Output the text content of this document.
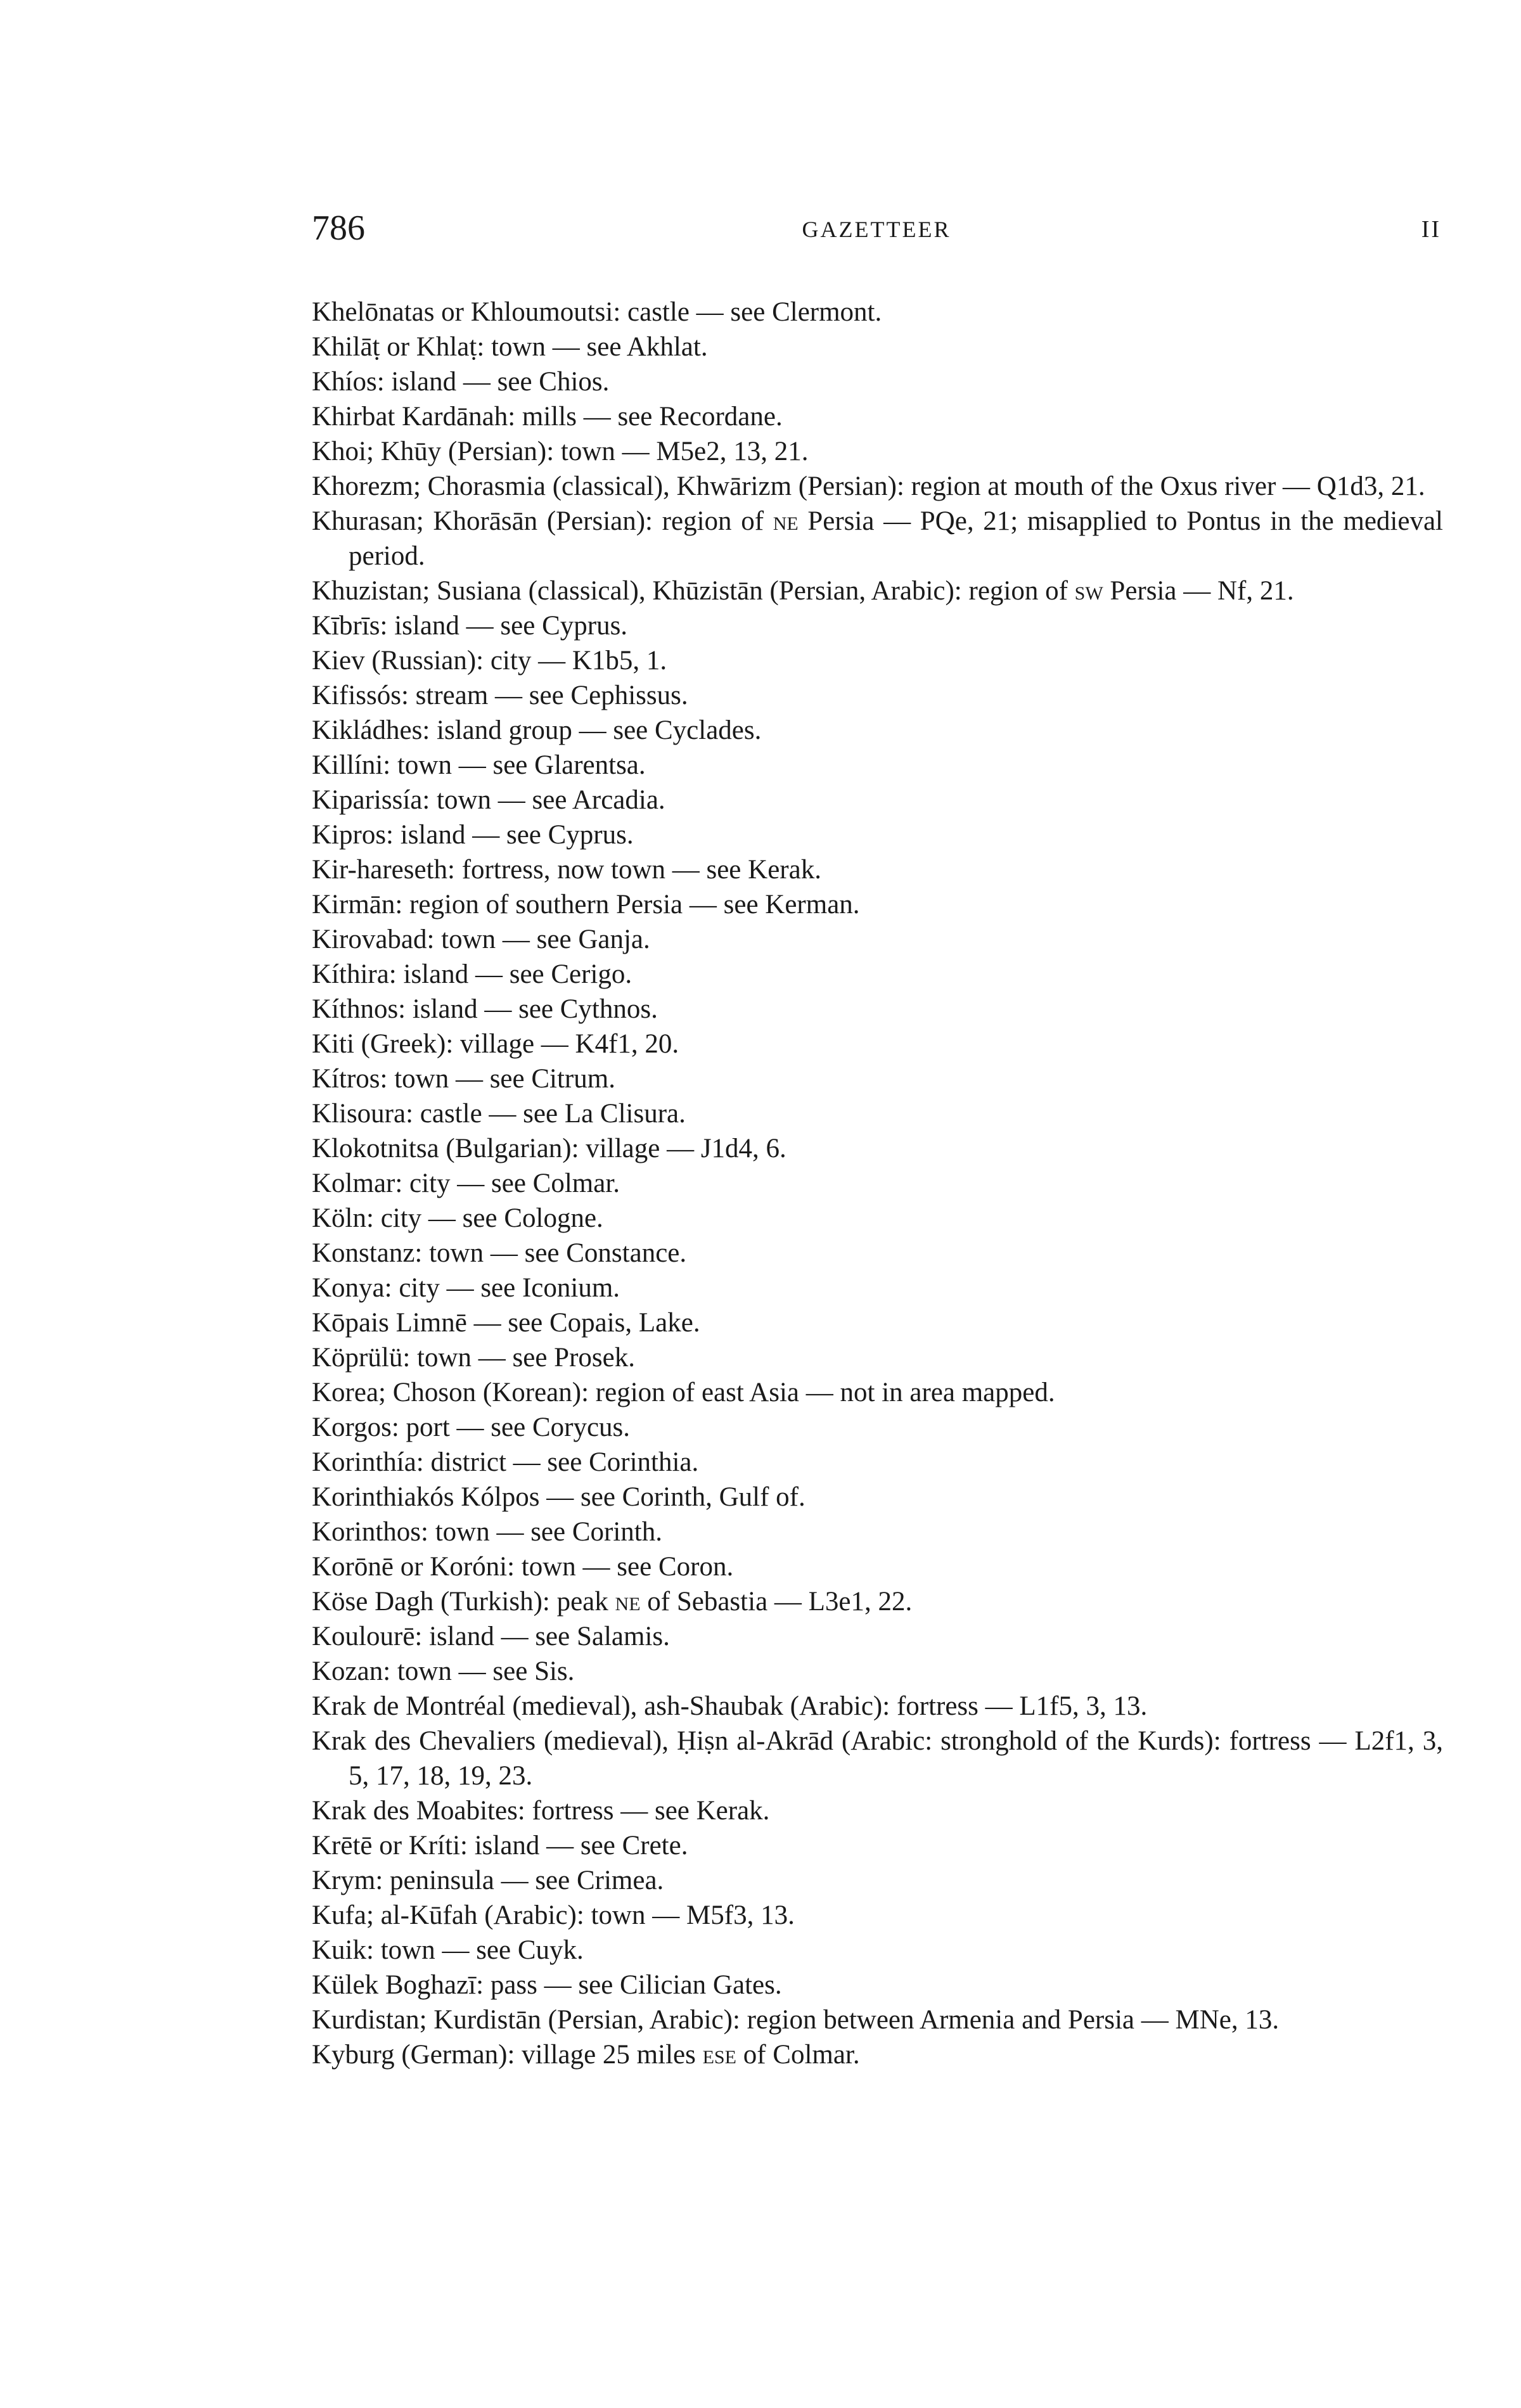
786	GAZETTEER	II
Khelōnatas or Khloumoutsi: castle — see Clermont.
Khilāṭ or Khlaṭ: town — see Akhlat.
Khíos: island — see Chios.
Khirbat Kardānah: mills — see Recordane.
Khoi; Khūy (Persian): town — M5e2, 13, 21.
Khorezm; Chorasmia (classical), Khwārizm (Persian): region at mouth of the Oxus river — Q1d3, 21.
Khurasan; Khorāsān (Persian): region of ne Persia — PQe, 21; misapplied to Pontus in the medieval period.
Khuzistan; Susiana (classical), Khūzistān (Persian, Arabic): region of sw Persia — Nf, 21.
Kībrīs: island — see Cyprus.
Kiev (Russian): city — K1b5, 1.
Kifissós: stream — see Cephissus.
Kikládhes: island group — see Cyclades.
Killíni: town — see Glarentsa.
Kiparissía: town — see Arcadia.
Kipros: island — see Cyprus.
Kir-hareseth: fortress, now town — see Kerak.
Kirmān: region of southern Persia — see Kerman.
Kirovabad: town — see Ganja.
Kíthira: island — see Cerigo.
Kíthnos: island — see Cythnos.
Kiti (Greek): village — K4f1, 20.
Kítros: town — see Citrum.
Klisoura: castle — see La Clisura.
Klokotnitsa (Bulgarian): village — J1d4, 6.
Kolmar: city — see Colmar.
Köln: city — see Cologne.
Konstanz: town — see Constance.
Konya: city — see Iconium.
Kōpais Limnē — see Copais, Lake.
Köprülü: town — see Prosek.
Korea; Choson (Korean): region of east Asia — not in area mapped.
Korgos: port — see Corycus.
Korinthía: district — see Corinthia.
Korinthiakós Kólpos — see Corinth, Gulf of.
Korinthos: town — see Corinth.
Korōnē or Koróni: town — see Coron.
Köse Dagh (Turkish): peak ne of Sebastia — L3e1, 22.
Koulourē: island — see Salamis.
Kozan: town — see Sis.
Krak de Montréal (medieval), ash-Shaubak (Arabic): fortress — L1f5, 3, 13.
Krak des Chevaliers (medieval), Ḥiṣn al-Akrād (Arabic: stronghold of the Kurds): fortress — L2f1, 3, 5, 17, 18, 19, 23.
Krak des Moabites: fortress — see Kerak.
Krētē or Kríti: island — see Crete.
Krym: peninsula — see Crimea.
Kufa; al-Kūfah (Arabic): town — M5f3, 13.
Kuik: town — see Cuyk.
Külek Boghazī: pass — see Cilician Gates.
Kurdistan; Kurdistān (Persian, Arabic): region between Armenia and Persia — MNe, 13.
Kyburg (German): village 25 miles ese of Colmar.
